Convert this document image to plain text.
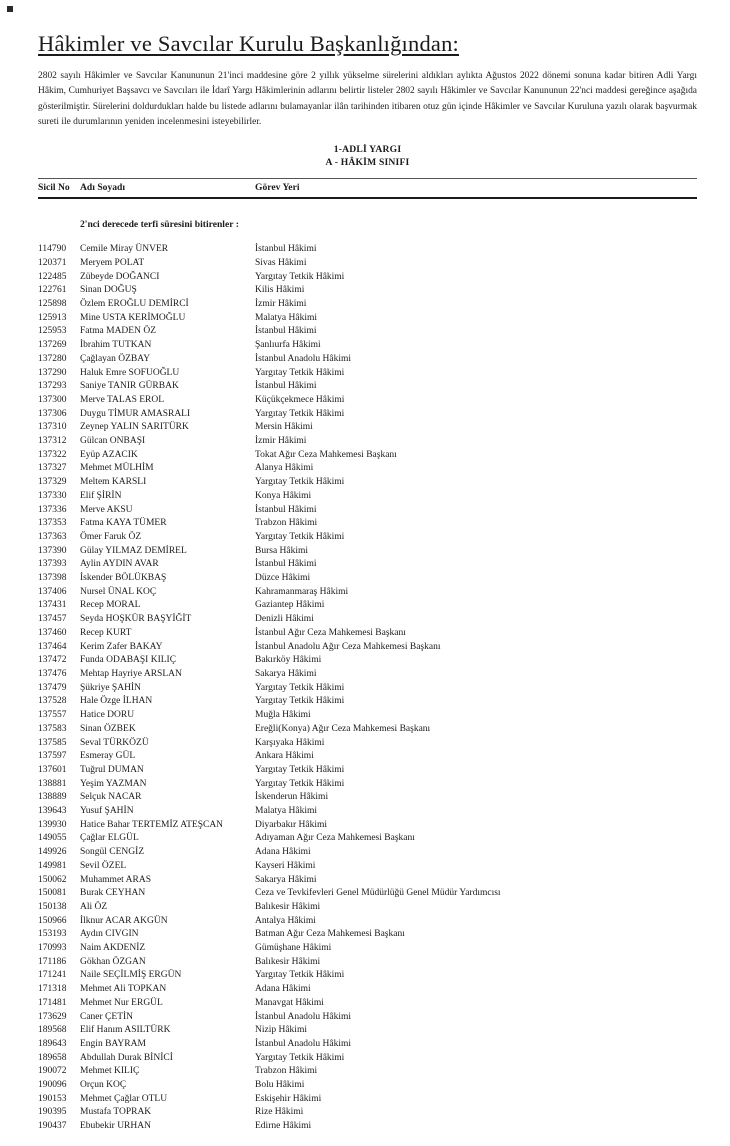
Hâkimler ve Savcılar Kurulu Başkanlığından:

2802 sayılı Hâkimler ve Savcılar Kanununun 21'inci maddesine göre 2 yıllık yükselme sürelerini aldıkları aylıkta Ağustos 2022 dönemi sonuna kadar bitiren Adli Yargı Hâkim, Cumhuriyet Başsavcı ve Savcıları ile İdarî Yargı Hâkimlerinin adlarını belirtir listeler 2802 sayılı Hâkimler ve Savcılar Kanununun 22'nci maddesi gereğince aşağıda gösterilmiştir. Sürelerini doldurdukları halde bu listede adlarını bulamayanlar ilân tarihinden itibaren otuz gün içinde Hâkimler ve Savcılar Kuruluna yazılı olarak başvurmak sureti ile durumlarının yeniden incelenmesini isteyebilirler.

1-ADLİ YARGI
A - HÂKİM SINIFI
Sicil No	Adı Soyadı	Görev Yeri
2'nci derecede terfi süresini bitirenler :
114790	Cemile Miray ÜNVER	İstanbul Hâkimi
120371	Meryem POLAT	Sivas Hâkimi
122485	Zübeyde DOĞANCI	Yargıtay Tetkik Hâkimi
122761	Sinan DOĞUŞ	Kilis Hâkimi
125898	Özlem EROĞLU DEMİRCİ	İzmir Hâkimi
125913	Mine USTA KERİMOĞLU	Malatya Hâkimi
125953	Fatma MADEN ÖZ	İstanbul Hâkimi
137269	İbrahim TUTKAN	Şanlıurfa Hâkimi
137280	Çağlayan ÖZBAY	İstanbul Anadolu Hâkimi
137290	Haluk Emre SOFUOĞLU	Yargıtay Tetkik Hâkimi
137293	Saniye TANIR GÜRBAK	İstanbul Hâkimi
137300	Merve TALAS EROL	Küçükçekmece Hâkimi
137306	Duygu TİMUR AMASRALI	Yargıtay Tetkik Hâkimi
137310	Zeynep YALIN SARITÜRK	Mersin Hâkimi
137312	Gülcan ONBAŞI	İzmir Hâkimi
137322	Eyüp AZACIK	Tokat Ağır Ceza Mahkemesi Başkanı
137327	Mehmet MÜLHİM	Alanya Hâkimi
137329	Meltem KARSLI	Yargıtay Tetkik Hâkimi
137330	Elif ŞİRİN	Konya Hâkimi
137336	Merve AKSU	İstanbul Hâkimi
137353	Fatma KAYA TÜMER	Trabzon Hâkimi
137363	Ömer Faruk ÖZ	Yargıtay Tetkik Hâkimi
137390	Gülay YILMAZ DEMİREL	Bursa Hâkimi
137393	Aylin AYDIN AVAR	İstanbul Hâkimi
137398	İskender BÖLÜKBAŞ	Düzce Hâkimi
137406	Nursel ÜNAL KOÇ	Kahramanmaraş Hâkimi
137431	Recep MORAL	Gaziantep Hâkimi
137457	Seyda HOŞKÜR BAŞYİĞİT	Denizli Hâkimi
137460	Recep KURT	İstanbul Ağır Ceza Mahkemesi Başkanı
137464	Kerim Zafer BAKAY	İstanbul Anadolu Ağır Ceza Mahkemesi Başkanı
137472	Funda ODABAŞI KILIÇ	Bakırköy Hâkimi
137476	Mehtap Hayriye ARSLAN	Sakarya Hâkimi
137479	Şükriye ŞAHİN	Yargıtay Tetkik Hâkimi
137528	Hale Özge İLHAN	Yargıtay Tetkik Hâkimi
137557	Hatice DORU	Muğla Hâkimi
137583	Sinan ÖZBEK	Ereğli(Konya) Ağır Ceza Mahkemesi Başkanı
137585	Seval TÜRKÖZÜ	Karşıyaka Hâkimi
137597	Esmeray GÜL	Ankara Hâkimi
137601	Tuğrul DUMAN	Yargıtay Tetkik Hâkimi
138881	Yeşim YAZMAN	Yargıtay Tetkik Hâkimi
138889	Selçuk NACAR	İskenderun Hâkimi
139643	Yusuf ŞAHİN	Malatya Hâkimi
139930	Hatice Bahar TERTEMİZ ATEŞCAN	Diyarbakır Hâkimi
149055	Çağlar ELGÜL	Adıyaman Ağır Ceza Mahkemesi Başkanı
149926	Songül CENGİZ	Adana Hâkimi
149981	Sevil ÖZEL	Kayseri Hâkimi
150062	Muhammet ARAS	Sakarya Hâkimi
150081	Burak CEYHAN	Ceza ve Tevkifevleri Genel Müdürlüğü Genel Müdür Yardımcısı
150138	Ali ÖZ	Balıkesir Hâkimi
150966	İlknur ACAR AKGÜN	Antalya Hâkimi
153193	Aydın CIVGIN	Batman Ağır Ceza Mahkemesi Başkanı
170993	Naim AKDENİZ	Gümüşhane Hâkimi
171186	Gökhan ÖZGAN	Balıkesir Hâkimi
171241	Naile SEÇİLMİŞ ERGÜN	Yargıtay Tetkik Hâkimi
171318	Mehmet Ali TOPKAN	Adana Hâkimi
171481	Mehmet Nur ERGÜL	Manavgat Hâkimi
173629	Caner ÇETİN	İstanbul Anadolu Hâkimi
189568	Elif Hanım ASILTÜRK	Nizip Hâkimi
189643	Engin BAYRAM	İstanbul Anadolu Hâkimi
189658	Abdullah Durak BİNİCİ	Yargıtay Tetkik Hâkimi
190072	Mehmet KILIÇ	Trabzon Hâkimi
190096	Orçun KOÇ	Bolu Hâkimi
190153	Mehmet Çağlar OTLU	Eskişehir Hâkimi
190395	Mustafa TOPRAK	Rize Hâkimi
190437	Ebubekir URHAN	Edirne Hâkimi
